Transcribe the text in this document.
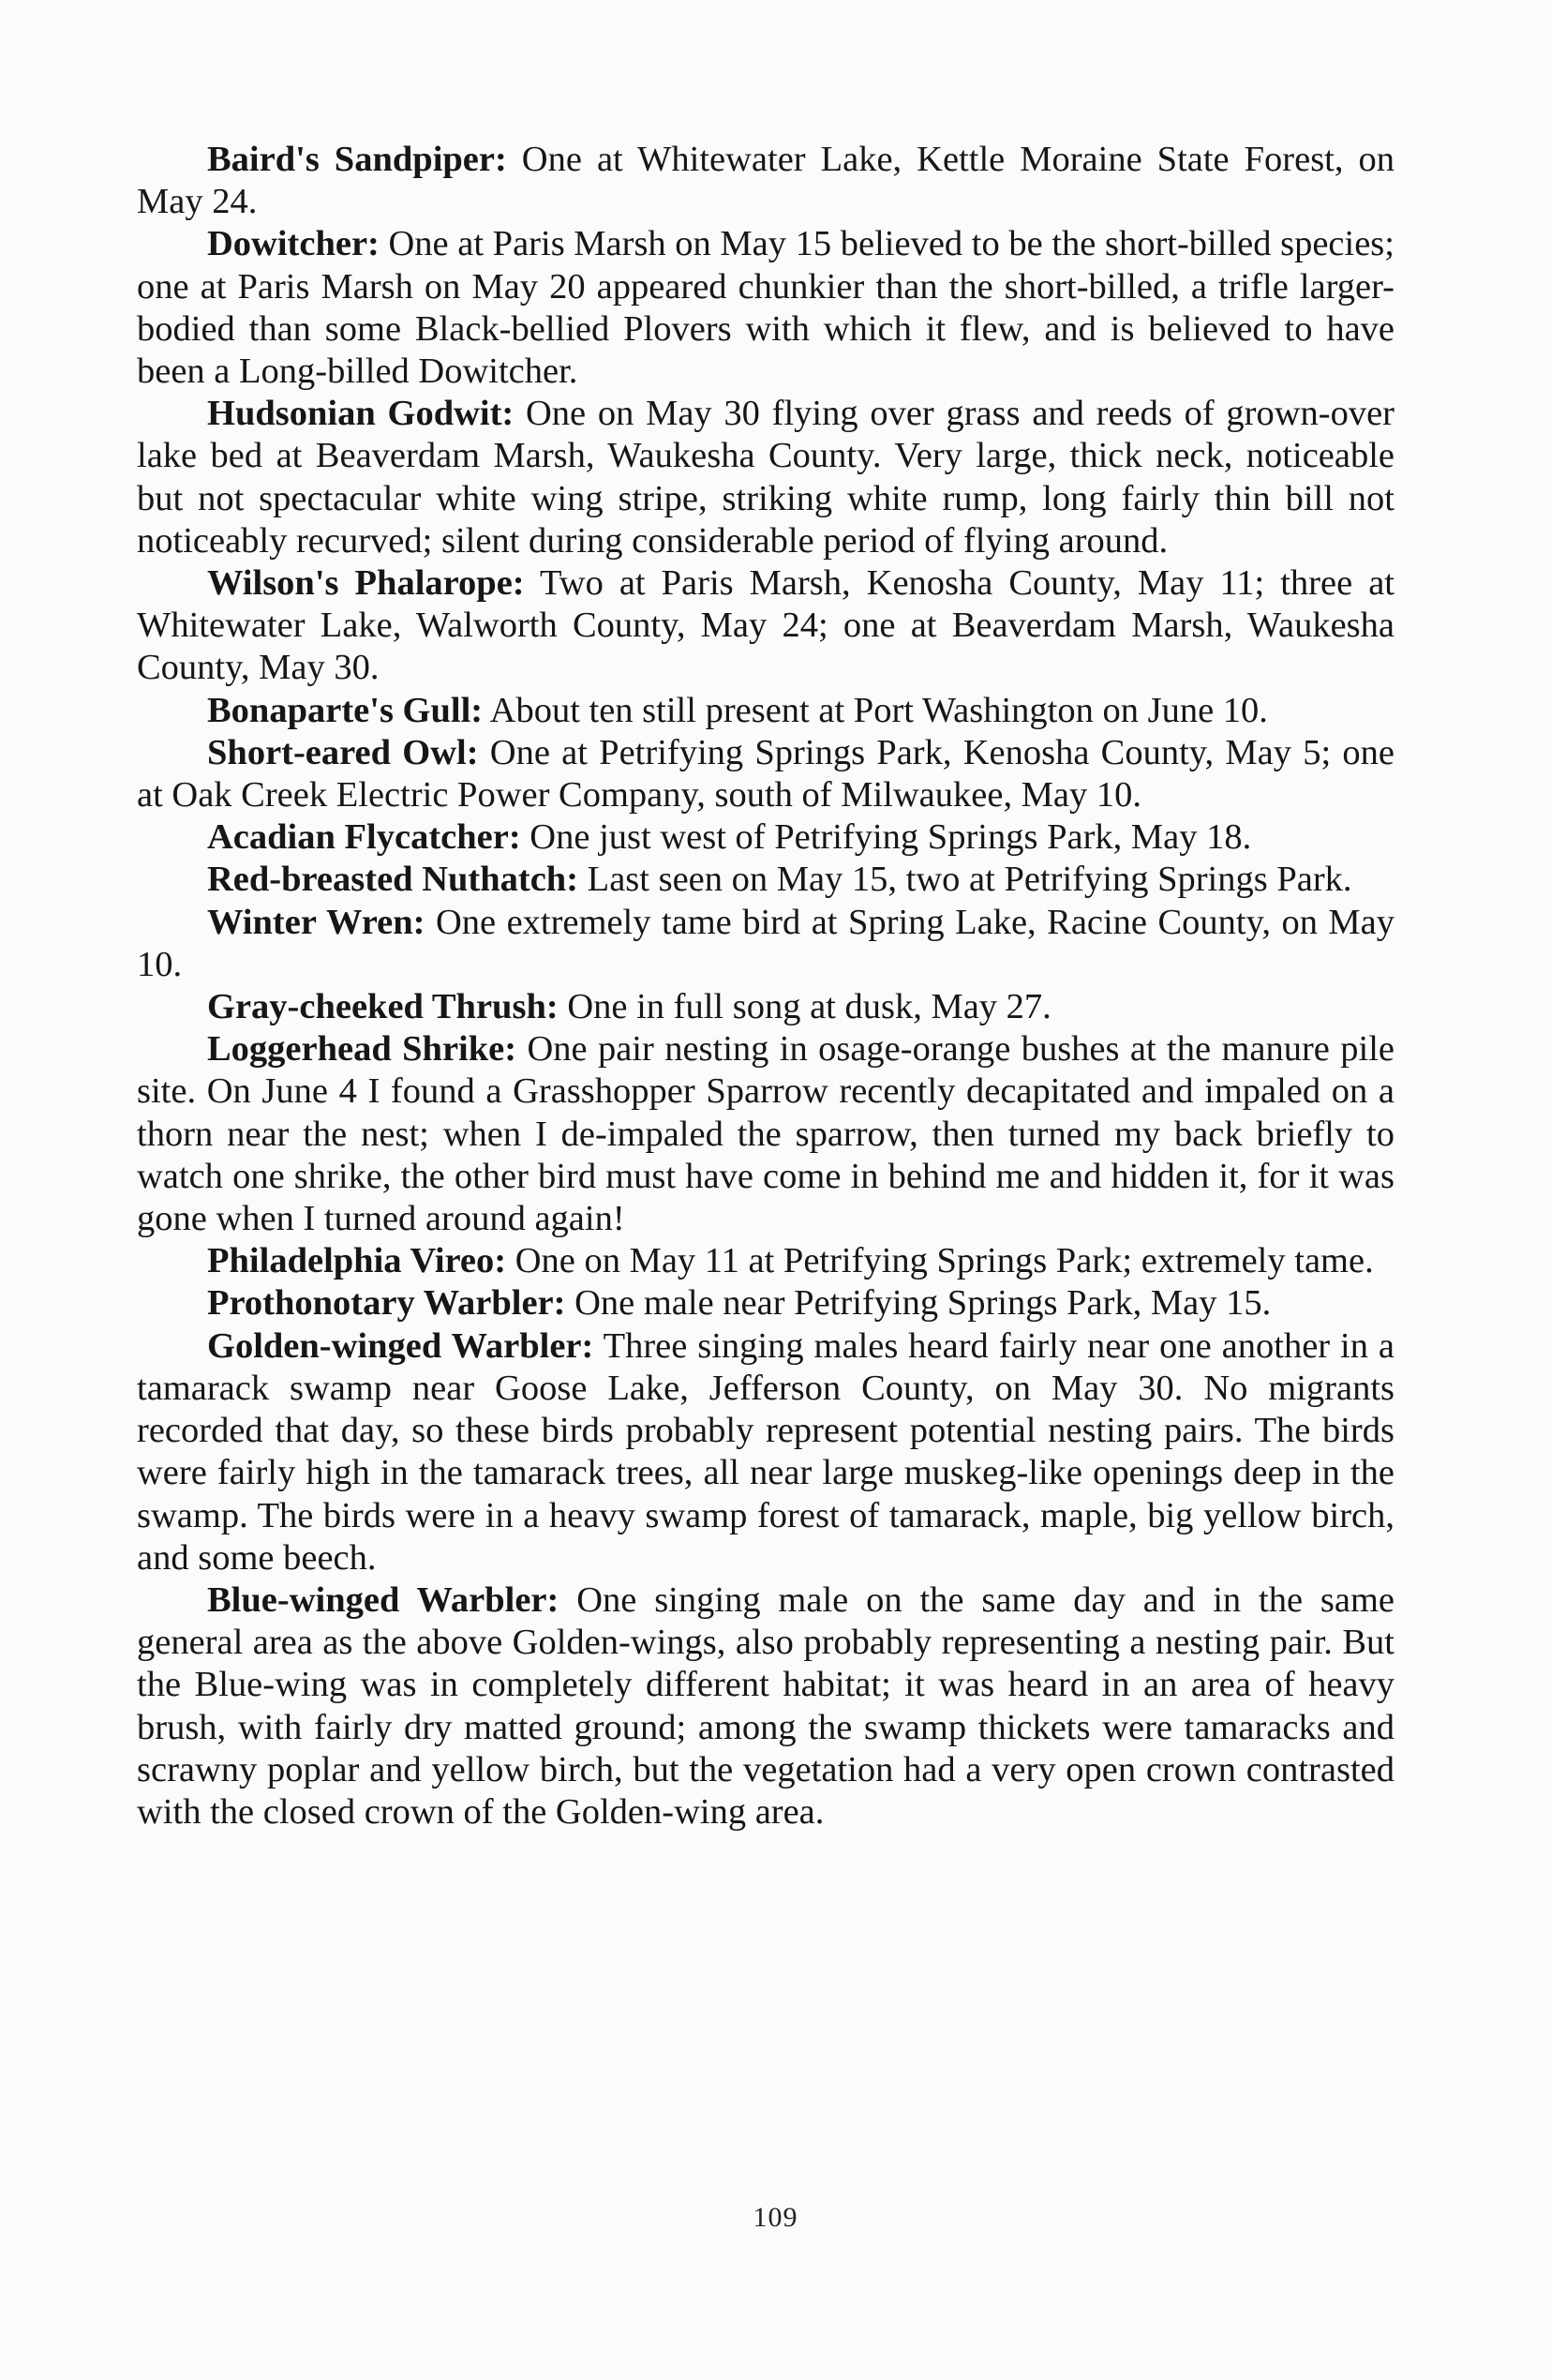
Baird's Sandpiper: One at Whitewater Lake, Kettle Moraine State Forest, on May 24.

Dowitcher: One at Paris Marsh on May 15 believed to be the short-billed species; one at Paris Marsh on May 20 appeared chunkier than the short-billed, a trifle larger-bodied than some Black-bellied Plovers with which it flew, and is believed to have been a Long-billed Dowitcher.

Hudsonian Godwit: One on May 30 flying over grass and reeds of grown-over lake bed at Beaverdam Marsh, Waukesha County. Very large, thick neck, noticeable but not spectacular white wing stripe, striking white rump, long fairly thin bill not noticeably recurved; silent during considerable period of flying around.

Wilson's Phalarope: Two at Paris Marsh, Kenosha County, May 11; three at Whitewater Lake, Walworth County, May 24; one at Beaverdam Marsh, Waukesha County, May 30.

Bonaparte's Gull: About ten still present at Port Washington on June 10.

Short-eared Owl: One at Petrifying Springs Park, Kenosha County, May 5; one at Oak Creek Electric Power Company, south of Milwaukee, May 10.

Acadian Flycatcher: One just west of Petrifying Springs Park, May 18.

Red-breasted Nuthatch: Last seen on May 15, two at Petrifying Springs Park.

Winter Wren: One extremely tame bird at Spring Lake, Racine County, on May 10.

Gray-cheeked Thrush: One in full song at dusk, May 27.

Loggerhead Shrike: One pair nesting in osage-orange bushes at the manure pile site. On June 4 I found a Grasshopper Sparrow recently decapitated and impaled on a thorn near the nest; when I de-impaled the sparrow, then turned my back briefly to watch one shrike, the other bird must have come in behind me and hidden it, for it was gone when I turned around again!

Philadelphia Vireo: One on May 11 at Petrifying Springs Park; extremely tame.

Prothonotary Warbler: One male near Petrifying Springs Park, May 15.

Golden-winged Warbler: Three singing males heard fairly near one another in a tamarack swamp near Goose Lake, Jefferson County, on May 30. No migrants recorded that day, so these birds probably represent potential nesting pairs. The birds were fairly high in the tamarack trees, all near large muskeg-like openings deep in the swamp. The birds were in a heavy swamp forest of tamarack, maple, big yellow birch, and some beech.

Blue-winged Warbler: One singing male on the same day and in the same general area as the above Golden-wings, also probably representing a nesting pair. But the Blue-wing was in completely different habitat; it was heard in an area of heavy brush, with fairly dry matted ground; among the swamp thickets were tamaracks and scrawny poplar and yellow birch, but the vegetation had a very open crown contrasted with the closed crown of the Golden-wing area.

109
